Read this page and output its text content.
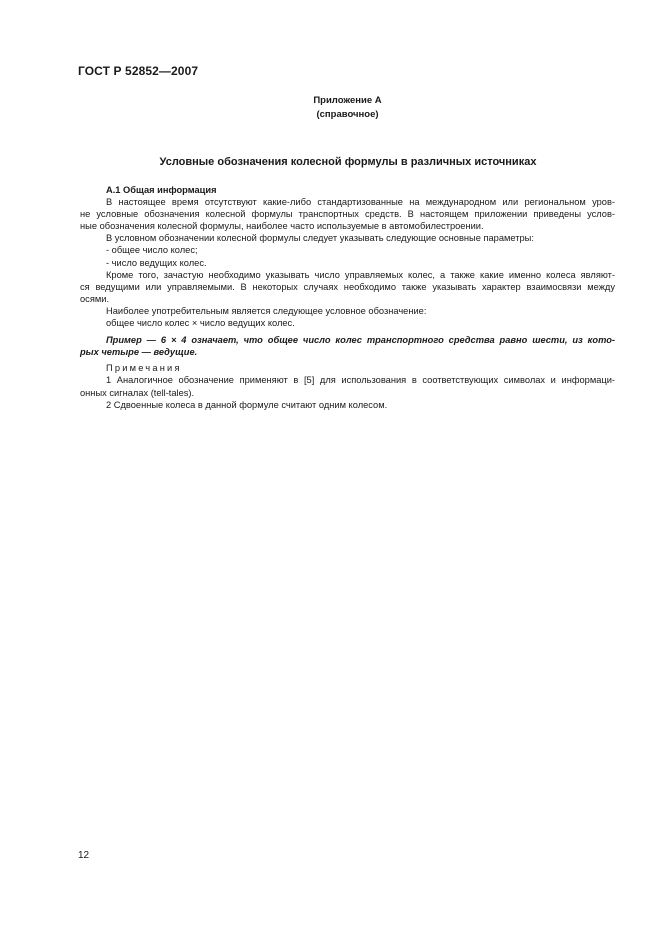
ГОСТ Р 52852—2007
Приложение А
(справочное)
Условные обозначения колесной формулы в различных источниках
А.1 Общая информация
В настоящее время отсутствуют какие-либо стандартизованные на международном или региональном уров-
не условные обозначения колесной формулы транспортных средств. В настоящем приложении приведены услов-
ные обозначения колесной формулы, наиболее часто используемые в автомобилестроении.
В условном обозначении колесной формулы следует указывать следующие основные параметры:
- общее число колес;
- число ведущих колес.
Кроме того, зачастую необходимо указывать число управляемых колес, а также какие именно колеса являют-
ся ведущими или управляемыми. В некоторых случаях необходимо также указывать характер взаимосвязи между
осями.
Наиболее употребительным является следующее условное обозначение:
общее число колес × число ведущих колес.
Пример — 6 × 4 означает, что общее число колес транспортного средства равно шести, из кото-
рых четыре — ведущие.
Примечания
1 Аналогичное обозначение применяют в [5] для использования в соответствующих символах и информаци-
онных сигналах (tell-tales).
2 Сдвоенные колеса в данной формуле считают одним колесом.
12
